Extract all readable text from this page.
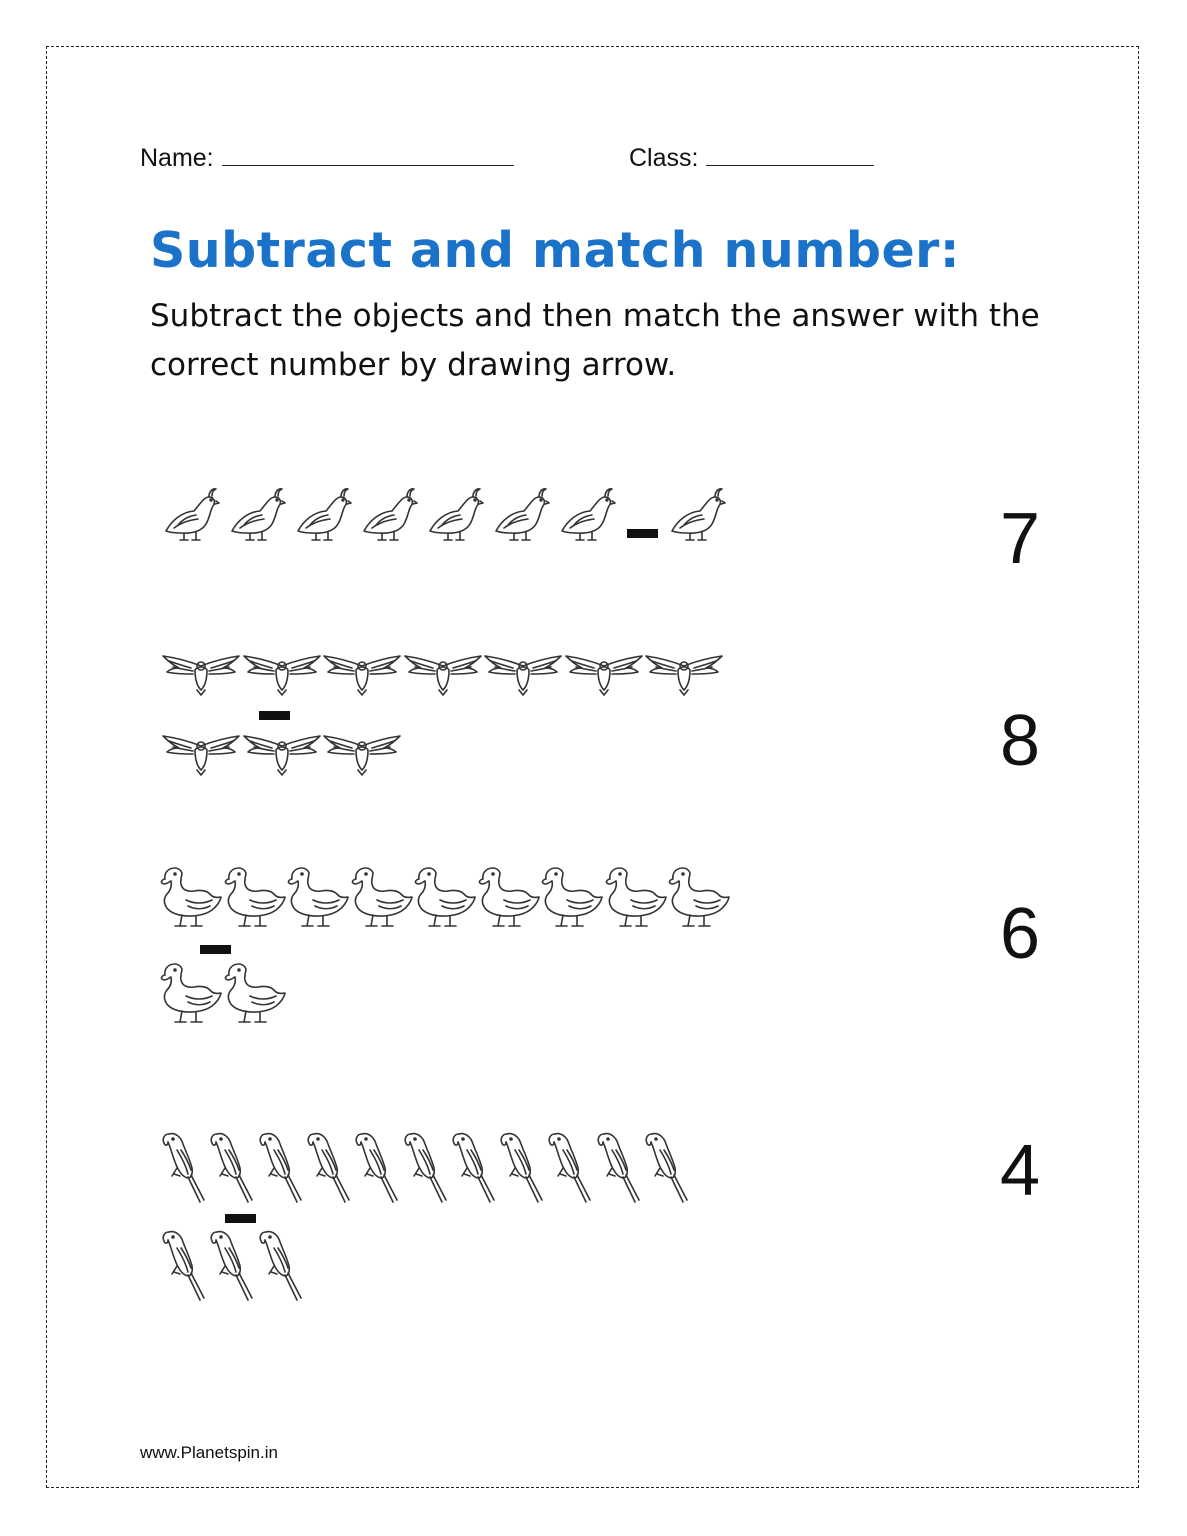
Name:	Class:
Subtract and match number:
Subtract the objects and then match the answer with the correct number by drawing arrow.
7
8
6
4
www.Planetspin.in
